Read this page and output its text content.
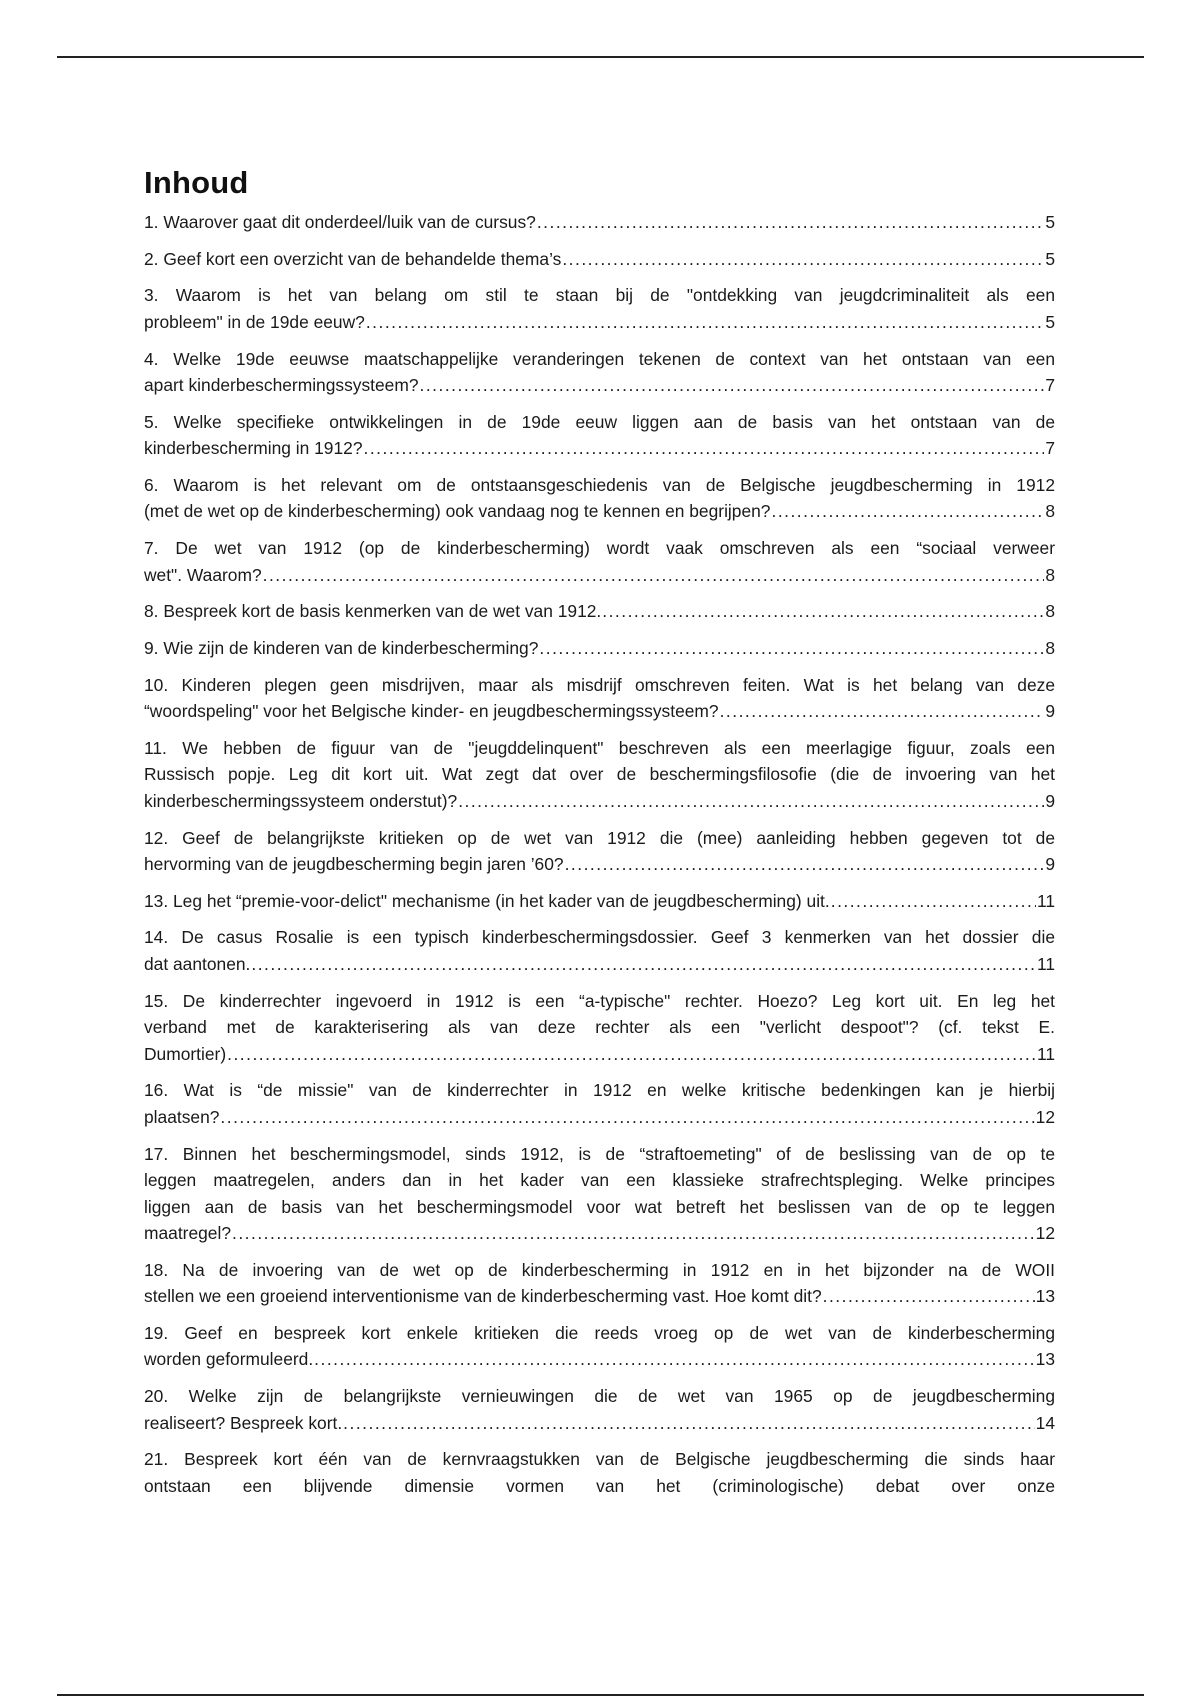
Inhoud
1. Waarover gaat dit onderdeel/luik van de cursus? .....	5
2. Geef kort een overzicht van de behandelde thema’s .....	5
3. Waarom is het van belang om stil te staan bij de "ontdekking van jeugdcriminaliteit als een
probleem" in de 19de eeuw? .....	5
4. Welke 19de eeuwse maatschappelijke veranderingen tekenen de context van het ontstaan van een
apart kinderbeschermingssysteem? .....	7
5. Welke specifieke ontwikkelingen in de 19de eeuw liggen aan de basis van het ontstaan van de
kinderbescherming in 1912? .....	7
6. Waarom is het relevant om de ontstaansgeschiedenis van de Belgische jeugdbescherming in 1912
(met de wet op de kinderbescherming) ook vandaag nog te kennen en begrijpen? .....	8
7. De wet van 1912 (op de kinderbescherming) wordt vaak omschreven als een “sociaal verweer
wet". Waarom? .....	8
8. Bespreek kort de basis kenmerken van de wet van 1912. .....	8
9. Wie zijn de kinderen van de kinderbescherming? .....	8
10. Kinderen plegen geen misdrijven, maar als misdrijf omschreven feiten. Wat is het belang van deze
“woordspeling" voor het Belgische kinder- en jeugdbeschermingssysteem? .....	9
11. We hebben de figuur van de "jeugddelinquent" beschreven als een meerlagige figuur, zoals een
Russisch popje. Leg dit kort uit. Wat zegt dat over de beschermingsfilosofie (die de invoering van het
kinderbeschermingssysteem onderstut)? .....	9
12. Geef de belangrijkste kritieken op de wet van 1912 die (mee) aanleiding hebben gegeven tot de
hervorming van de jeugdbescherming begin jaren ’60? .....	9
13. Leg het “premie-voor-delict" mechanisme (in het kader van de jeugdbescherming) uit. .....	11
14. De casus Rosalie is een typisch kinderbeschermingsdossier. Geef 3 kenmerken van het dossier die
dat aantonen. .....	11
15. De kinderrechter ingevoerd in 1912 is een “a-typische" rechter. Hoezo? Leg kort uit. En leg het
verband met de karakterisering als van deze rechter als een "verlicht despoot"? (cf. tekst E.
Dumortier) .....	11
16. Wat is “de missie" van de kinderrechter in 1912 en welke kritische bedenkingen kan je hierbij
plaatsen? .....	12
17. Binnen het beschermingsmodel, sinds 1912, is de “straftoemeting" of de beslissing van de op te
leggen maatregelen, anders dan in het kader van een klassieke strafrechtspleging. Welke principes
liggen aan de basis van het beschermingsmodel voor wat betreft het beslissen van de op te leggen
maatregel? .....	12
18. Na de invoering van de wet op de kinderbescherming in 1912 en in het bijzonder na de WOII
stellen we een groeiend interventionisme van de kinderbescherming vast. Hoe komt dit? .....	13
19. Geef en bespreek kort enkele kritieken die reeds vroeg op de wet van de kinderbescherming
worden geformuleerd. .....	13
20. Welke zijn de belangrijkste vernieuwingen die de wet van 1965 op de jeugdbescherming
realiseert? Bespreek kort. .....	14
21. Bespreek kort één van de kernvraagstukken van de Belgische jeugdbescherming die sinds haar
ontstaan een blijvende dimensie vormen van het (criminologische) debat over onze
